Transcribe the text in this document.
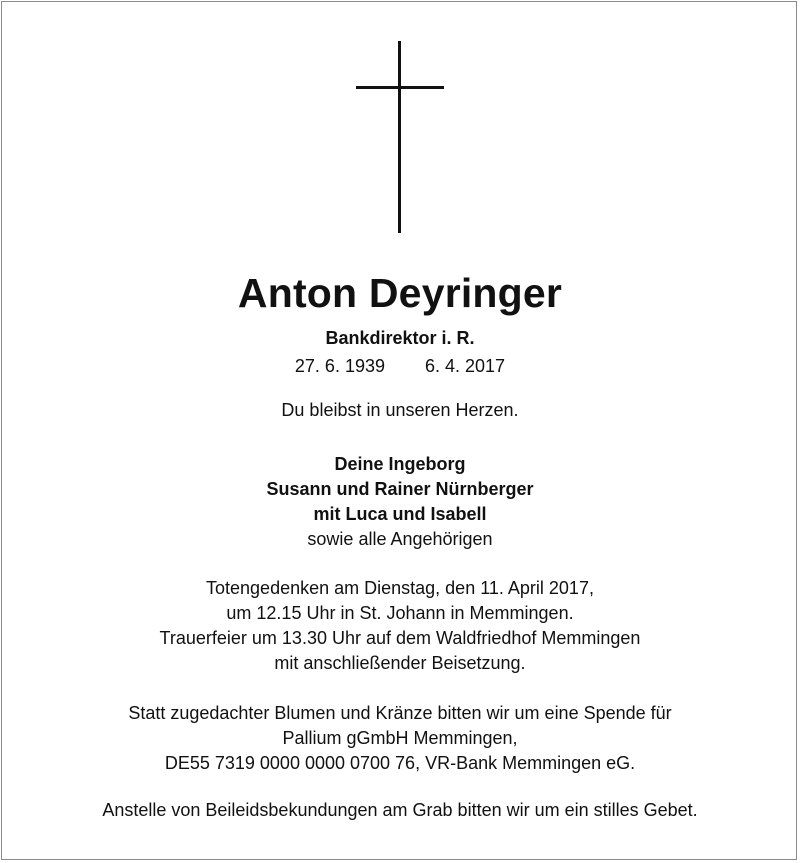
Anton Deyringer
Bankdirektor i. R.
27. 6. 1939 6. 4. 2017
Du bleibst in unseren Herzen.
Deine Ingeborg
Susann und Rainer Nürnberger
mit Luca und Isabell
sowie alle Angehörigen
Totengedenken am Dienstag, den 11. April 2017,
um 12.15 Uhr in St. Johann in Memmingen.
Trauerfeier um 13.30 Uhr auf dem Waldfriedhof Memmingen
mit anschließender Beisetzung.
Statt zugedachter Blumen und Kränze bitten wir um eine Spende für
Pallium gGmbH Memmingen,
DE55 7319 0000 0000 0700 76, VR-Bank Memmingen eG.
Anstelle von Beileidsbekundungen am Grab bitten wir um ein stilles Gebet.
